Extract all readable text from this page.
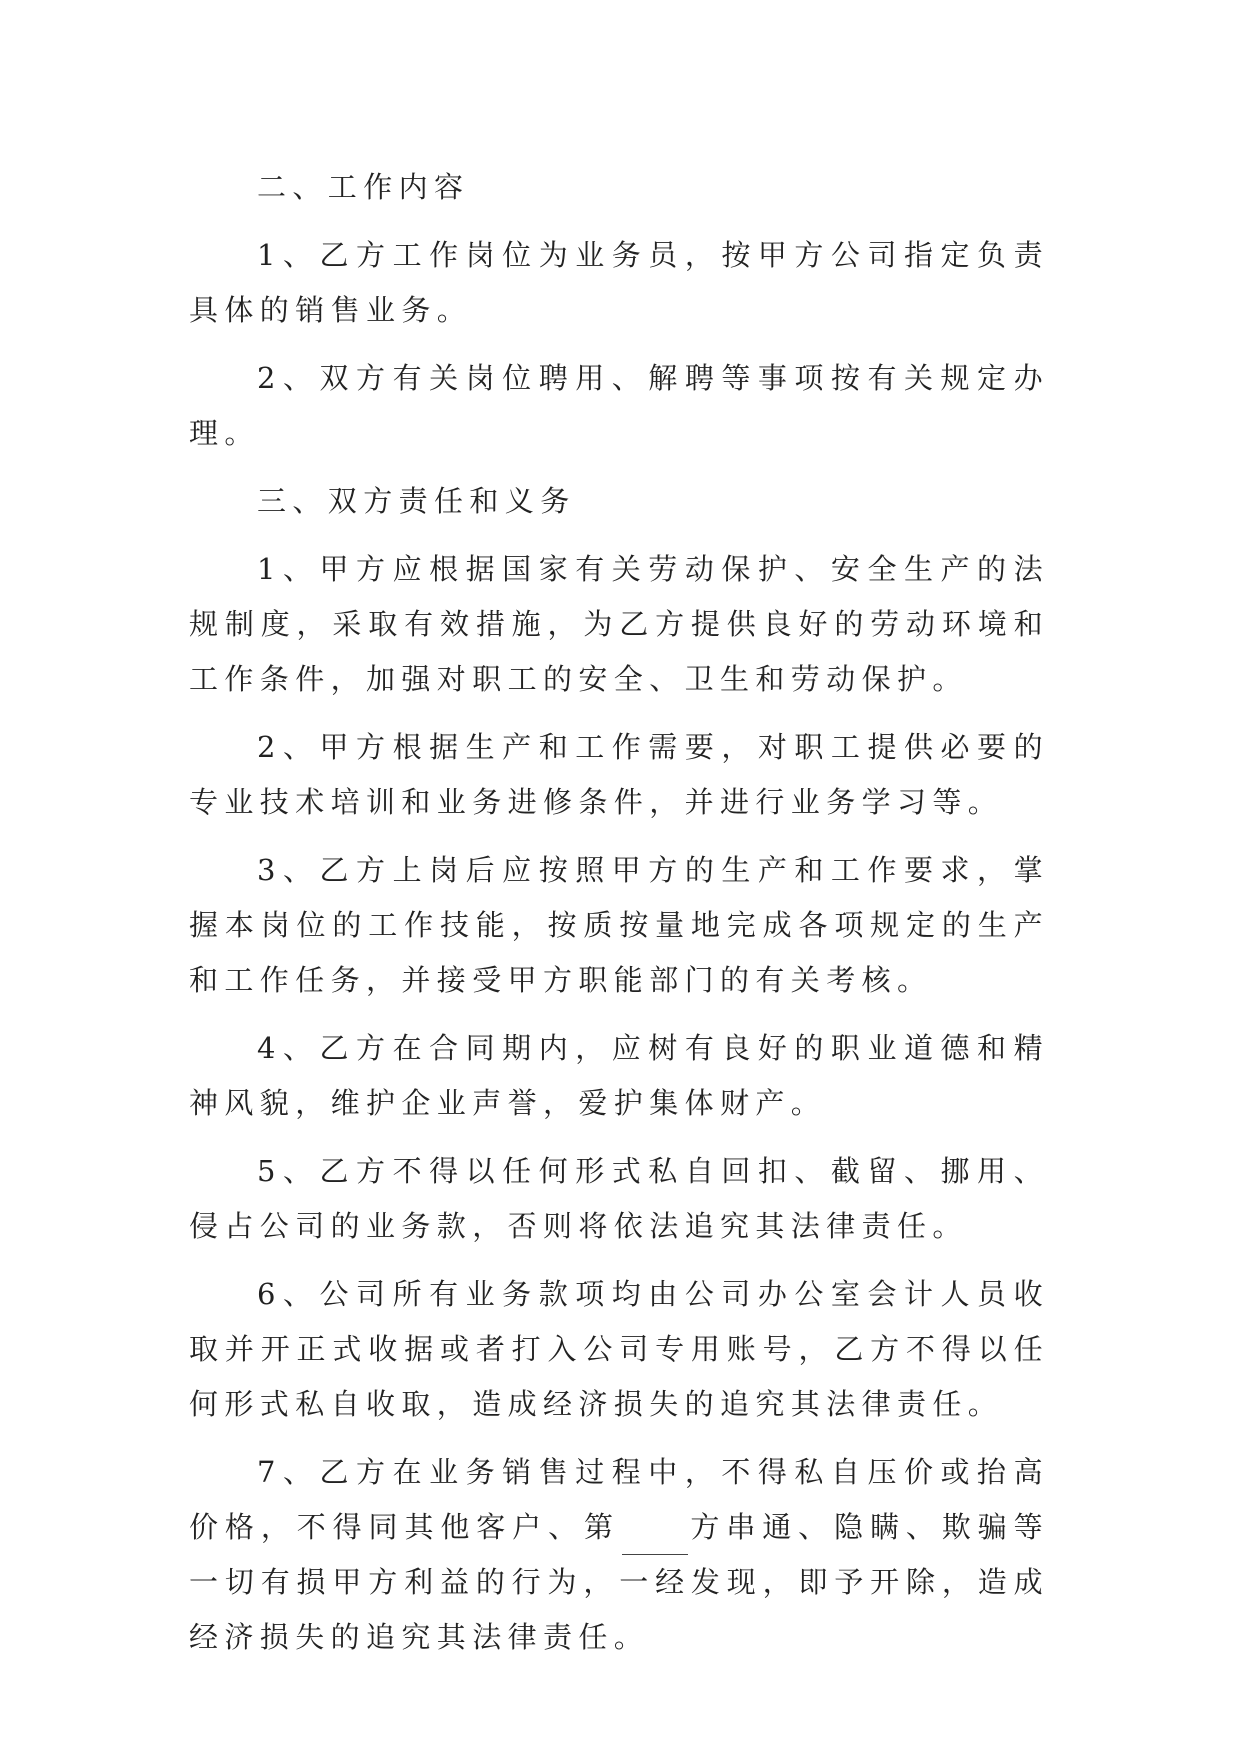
二、工作内容

1、乙方工作岗位为业务员，按甲方公司指定负责具体的销售业务。

2、双方有关岗位聘用、解聘等事项按有关规定办理。

三、双方责任和义务

1、甲方应根据国家有关劳动保护、安全生产的法规制度，采取有效措施，为乙方提供良好的劳动环境和工作条件，加强对职工的安全、卫生和劳动保护。

2、甲方根据生产和工作需要，对职工提供必要的专业技术培训和业务进修条件，并进行业务学习等。

3、乙方上岗后应按照甲方的生产和工作要求，掌握本岗位的工作技能，按质按量地完成各项规定的生产和工作任务，并接受甲方职能部门的有关考核。

4、乙方在合同期内，应树有良好的职业道德和精神风貌，维护企业声誉，爱护集体财产。

5、乙方不得以任何形式私自回扣、截留、挪用、侵占公司的业务款，否则将依法追究其法律责任。

6、公司所有业务款项均由公司办公室会计人员收取并开正式收据或者打入公司专用账号，乙方不得以任何形式私自收取，造成经济损失的追究其法律责任。

7、乙方在业务销售过程中，不得私自压价或抬高价格，不得同其他客户、第 方串通、隐瞒、欺骗等一切有损甲方利益的行为，一经发现，即予开除，造成经济损失的追究其法律责任。
